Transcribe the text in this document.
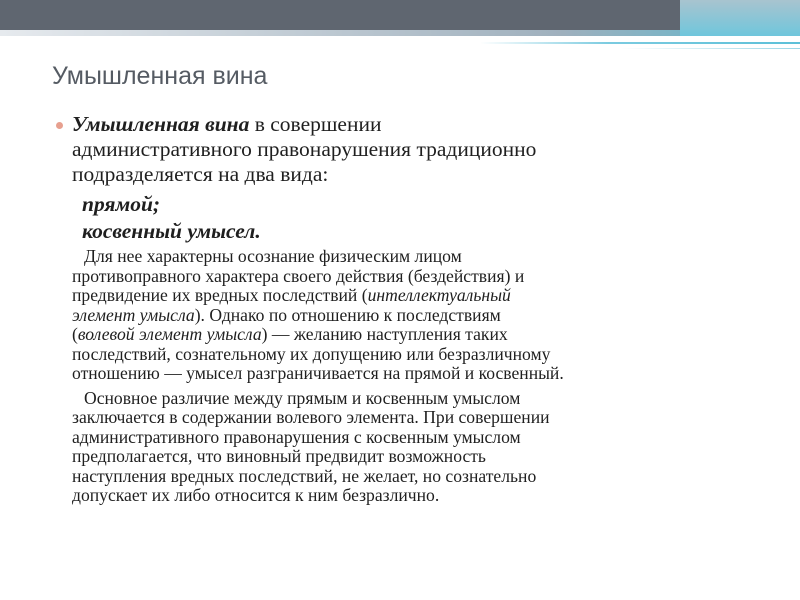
Умышленная вина
Умышленная вина в совершении
административного правонарушения традиционно
подразделяется на два вида:
прямой;
косвенный умысел.
Для нее характерны осознание физическим лицом
противоправного характера своего действия (бездействия) и
предвидение их вредных последствий (интеллектуальный
элемент умысла). Однако по отношению к последствиям
(волевой элемент умысла) — желанию наступления таких
последствий, сознательному их допущению или безразличному
отношению — умысел разграничивается на прямой и косвенный.
Основное различие между прямым и косвенным умыслом
заключается в содержании волевого элемента. При совершении
административного правонарушения с косвенным умыслом
предполагается, что виновный предвидит возможность
наступления вредных последствий, не желает, но сознательно
допускает их либо относится к ним безразлично.
